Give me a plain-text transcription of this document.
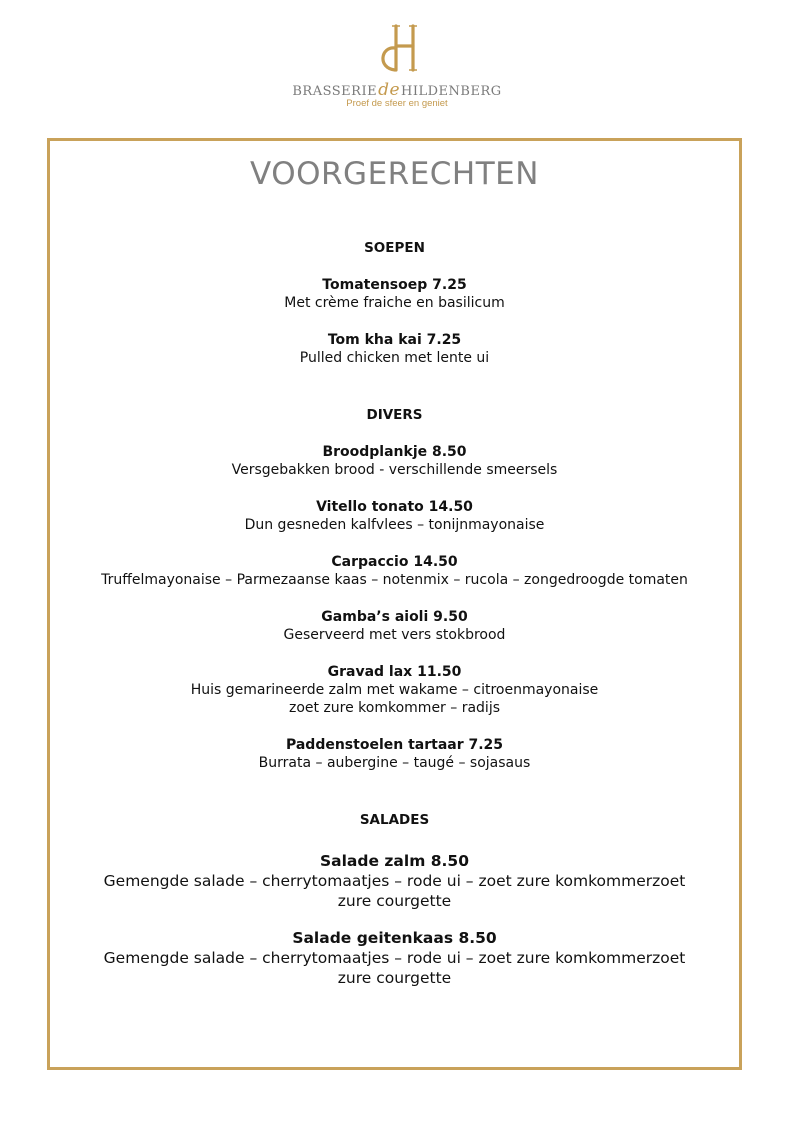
BRASSERIEdeHILDENBERG
Proef de sfeer en geniet
VOORGERECHTEN
SOEPEN
Tomatensoep 7.25
Met crème fraiche en basilicum
Tom kha kai 7.25
Pulled chicken met lente ui
DIVERS
Broodplankje 8.50
Versgebakken brood - verschillende smeersels
Vitello tonato 14.50
Dun gesneden kalfvlees – tonijnmayonaise
Carpaccio 14.50
Truffelmayonaise – Parmezaanse kaas – notenmix – rucola – zongedroogde tomaten
Gamba’s aioli 9.50
Geserveerd met vers stokbrood
Gravad lax 11.50
Huis gemarineerde zalm met wakame – citroenmayonaise
zoet zure komkommer – radijs
Paddenstoelen tartaar 7.25
Burrata – aubergine – taugé – sojasaus
SALADES
Salade zalm 8.50
Gemengde salade – cherrytomaatjes – rode ui – zoet zure komkommerzoet zure courgette
Salade geitenkaas 8.50
Gemengde salade – cherrytomaatjes – rode ui – zoet zure komkommerzoet zure courgette
